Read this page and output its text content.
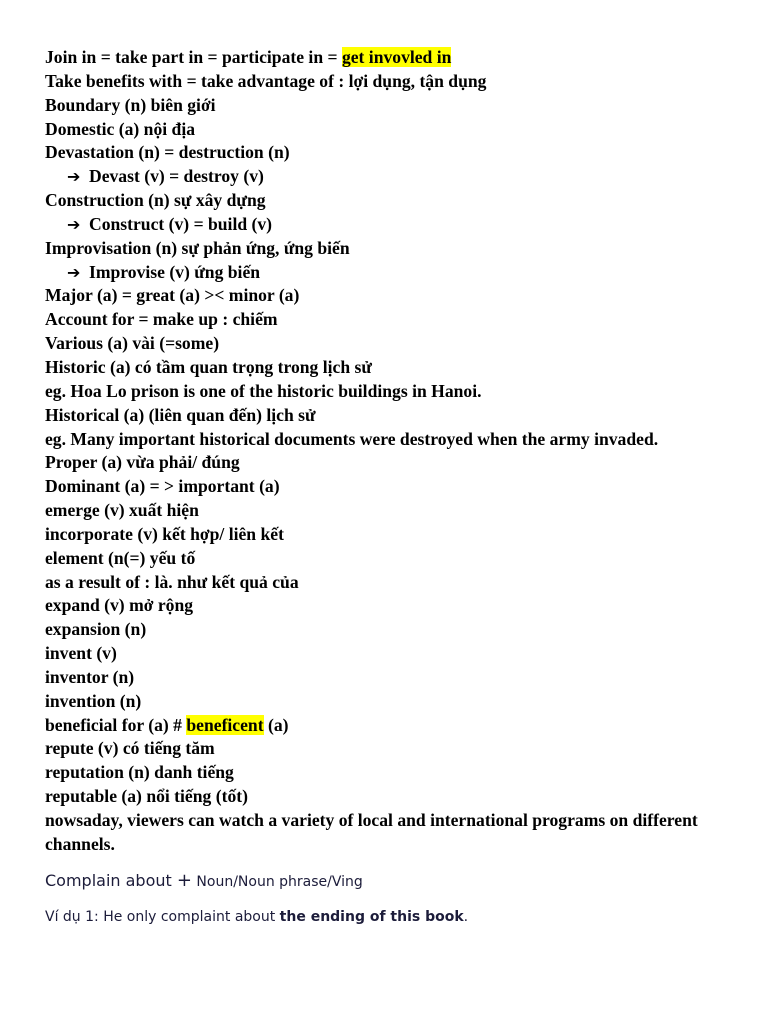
Join in = take part in = participate in = get invovled in
Take benefits with = take advantage of : lợi dụng, tận dụng
Boundary (n) biên giới
Domestic (a) nội địa
Devastation (n) = destruction (n)
➔ Devast (v) = destroy (v)
Construction (n) sự xây dựng
➔ Construct (v) = build (v)
Improvisation (n) sự phản ứng, ứng biến
➔ Improvise (v) ứng biến
Major (a) = great (a) >< minor (a)
Account for = make up : chiếm
Various (a) vài (=some)
Historic (a) có tầm quan trọng trong lịch sử
eg. Hoa Lo prison is one of the historic buildings in Hanoi.
Historical (a) (liên quan đến) lịch sử
eg. Many important historical documents were destroyed when the army invaded.
Proper (a) vừa phải/ đúng
Dominant (a) = > important (a)
emerge (v) xuất hiện
incorporate (v) kết hợp/ liên kết
element (n(=) yếu tố
as a result of : là. như kết quả của
expand (v) mở rộng
expansion (n)
invent (v)
inventor (n)
invention (n)
beneficial for (a) # beneficent (a)
repute (v) có tiếng tăm
reputation (n) danh tiếng
reputable (a) nổi tiếng (tốt)
nowsaday, viewers can watch a variety of local and international programs on different channels.
Complain about + Noun/Noun phrase/Ving
Ví dụ 1: He only complaint about the ending of this book.
